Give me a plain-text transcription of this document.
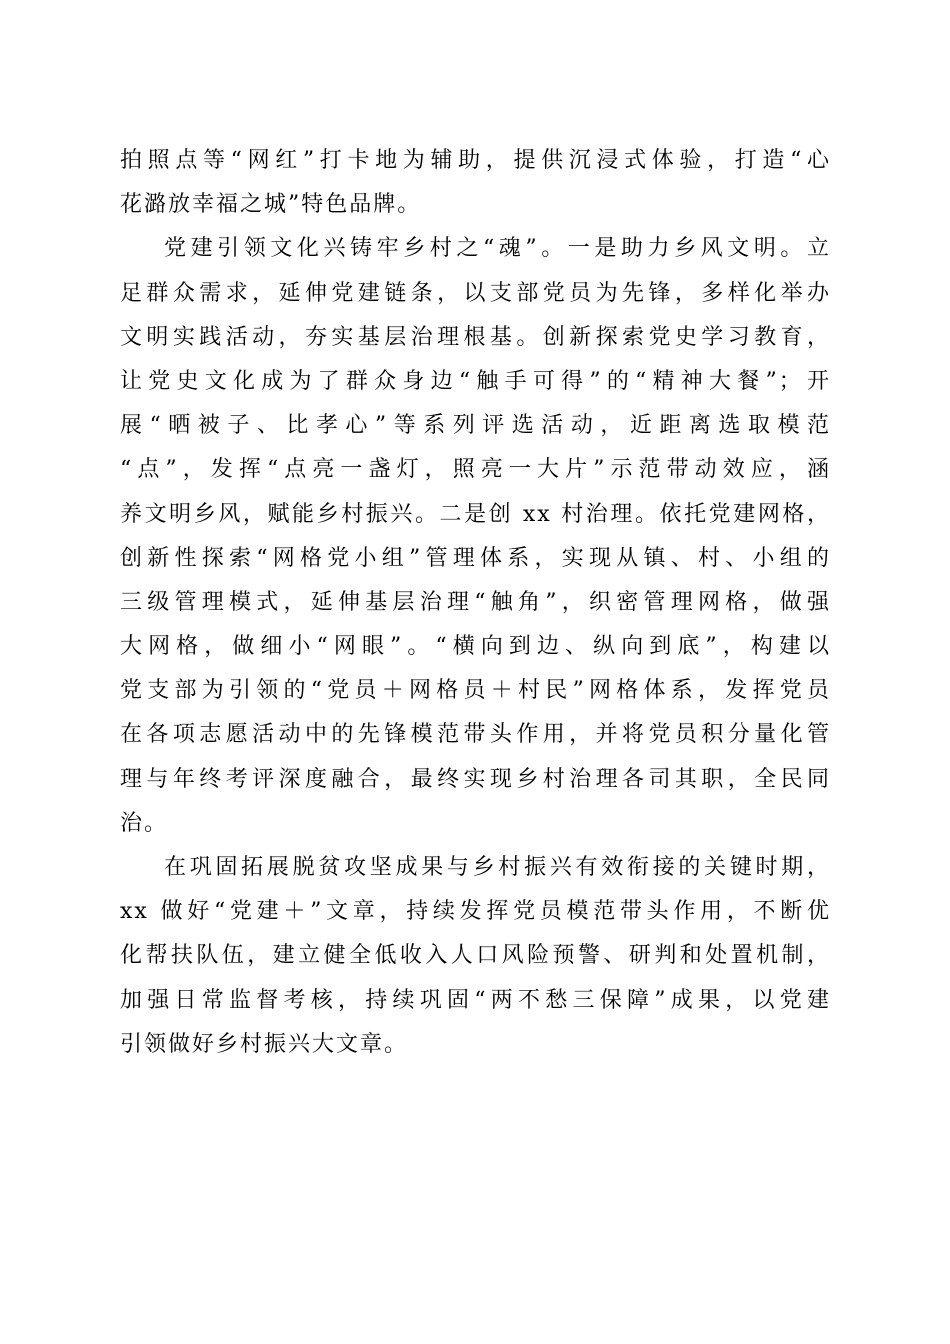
拍照点等“网红”打卡地为辅助，提供沉浸式体验，打造“心
花潞放幸福之城”特色品牌。
党建引领文化兴铸牢乡村之“魂”。一是助力乡风文明。立
足群众需求，延伸党建链条，以支部党员为先锋，多样化举办
文明实践活动，夯实基层治理根基。创新探索党史学习教育，
让党史文化成为了群众身边“触手可得”的“精神大餐”；开
展“晒被子、比孝心”等系列评选活动，近距离选取模范
“点”，发挥“点亮一盏灯，照亮一大片”示范带动效应，涵
养文明乡风，赋能乡村振兴。二是创 xx 村治理。依托党建网格，
创新性探索“网格党小组”管理体系，实现从镇、村、小组的
三级管理模式，延伸基层治理“触角”，织密管理网格，做强
大网格，做细小“网眼”。“横向到边、纵向到底”，构建以
党支部为引领的“党员＋网格员＋村民”网格体系，发挥党员
在各项志愿活动中的先锋模范带头作用，并将党员积分量化管
理与年终考评深度融合，最终实现乡村治理各司其职，全民同
治。
在巩固拓展脱贫攻坚成果与乡村振兴有效衔接的关键时期，
xx 做好“党建＋”文章，持续发挥党员模范带头作用，不断优
化帮扶队伍，建立健全低收入人口风险预警、研判和处置机制，
加强日常监督考核，持续巩固“两不愁三保障”成果，以党建
引领做好乡村振兴大文章。
